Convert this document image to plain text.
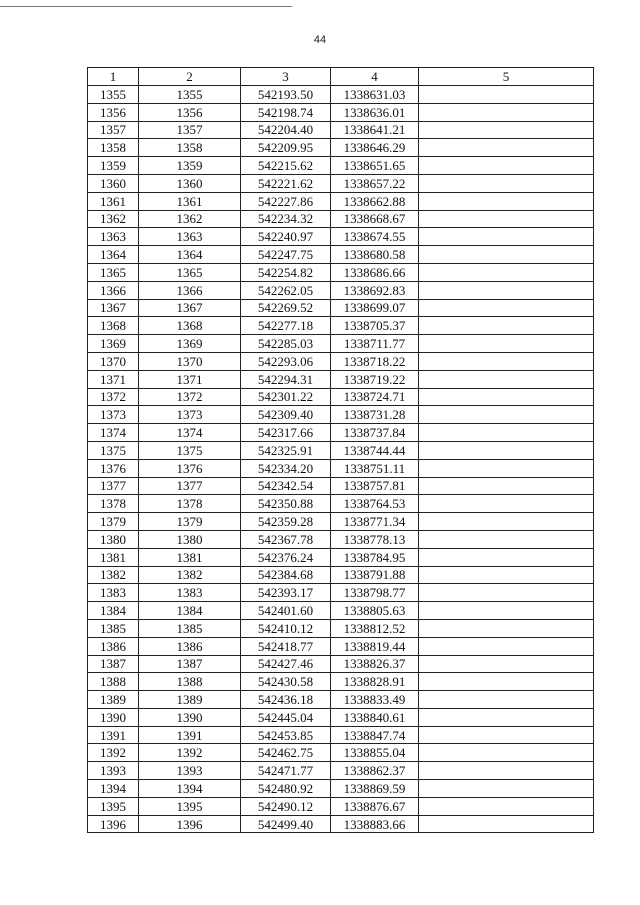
44
1	2	3	4	5
1355	1355	542193.50	1338631.03	
1356	1356	542198.74	1338636.01	
1357	1357	542204.40	1338641.21	
1358	1358	542209.95	1338646.29	
1359	1359	542215.62	1338651.65	
1360	1360	542221.62	1338657.22	
1361	1361	542227.86	1338662.88	
1362	1362	542234.32	1338668.67	
1363	1363	542240.97	1338674.55	
1364	1364	542247.75	1338680.58	
1365	1365	542254.82	1338686.66	
1366	1366	542262.05	1338692.83	
1367	1367	542269.52	1338699.07	
1368	1368	542277.18	1338705.37	
1369	1369	542285.03	1338711.77	
1370	1370	542293.06	1338718.22	
1371	1371	542294.31	1338719.22	
1372	1372	542301.22	1338724.71	
1373	1373	542309.40	1338731.28	
1374	1374	542317.66	1338737.84	
1375	1375	542325.91	1338744.44	
1376	1376	542334.20	1338751.11	
1377	1377	542342.54	1338757.81	
1378	1378	542350.88	1338764.53	
1379	1379	542359.28	1338771.34	
1380	1380	542367.78	1338778.13	
1381	1381	542376.24	1338784.95	
1382	1382	542384.68	1338791.88	
1383	1383	542393.17	1338798.77	
1384	1384	542401.60	1338805.63	
1385	1385	542410.12	1338812.52	
1386	1386	542418.77	1338819.44	
1387	1387	542427.46	1338826.37	
1388	1388	542430.58	1338828.91	
1389	1389	542436.18	1338833.49	
1390	1390	542445.04	1338840.61	
1391	1391	542453.85	1338847.74	
1392	1392	542462.75	1338855.04	
1393	1393	542471.77	1338862.37	
1394	1394	542480.92	1338869.59	
1395	1395	542490.12	1338876.67	
1396	1396	542499.40	1338883.66	
